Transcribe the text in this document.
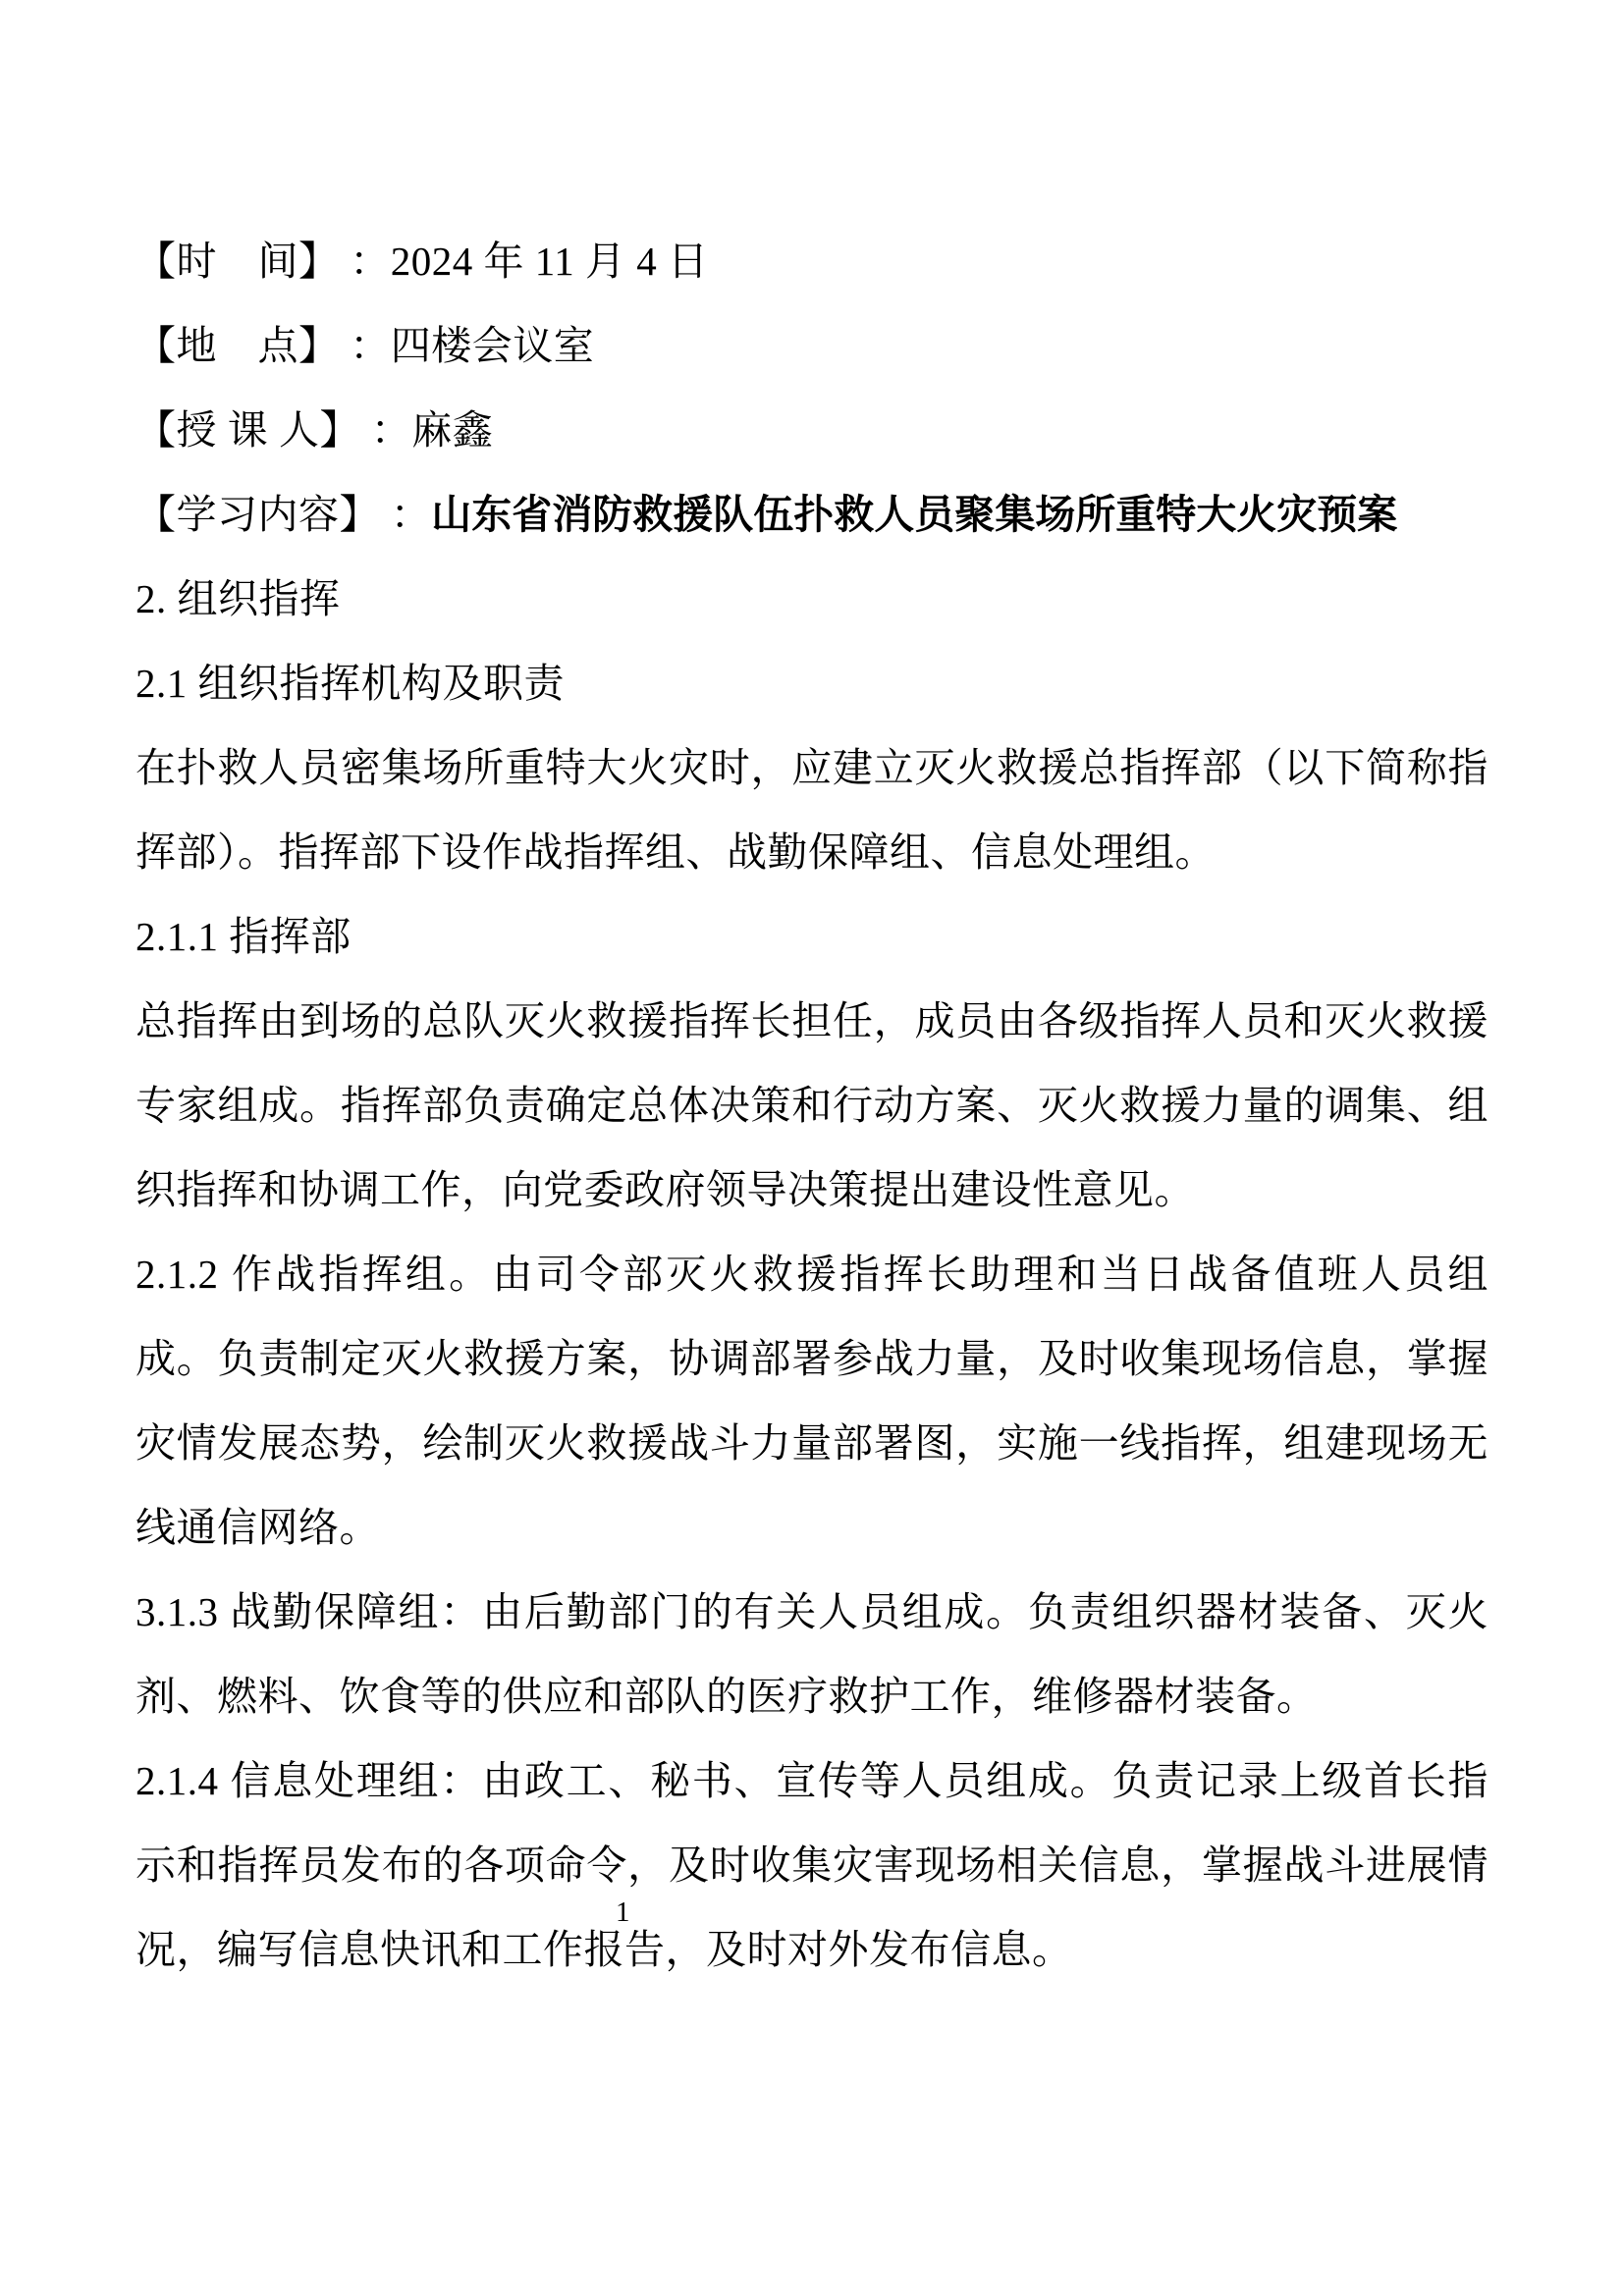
【时　间】 ：2024 年 11 月 4 日

【地　点】 ：四楼会议室

【授 课 人】 ：麻鑫

【学习内容】 ：山东省消防救援队伍扑救人员聚集场所重特大火灾预案

2. 组织指挥

2.1 组织指挥机构及职责

在扑救人员密集场所重特大火灾时，应建立灭火救援总指挥部（以下简称指挥部）。指挥部下设作战指挥组、战勤保障组、信息处理组。

2.1.1 指挥部

总指挥由到场的总队灭火救援指挥长担任，成员由各级指挥人员和灭火救援专家组成。指挥部负责确定总体决策和行动方案、灭火救援力量的调集、组织指挥和协调工作，向党委政府领导决策提出建设性意见。

2.1.2 作战指挥组。由司令部灭火救援指挥长助理和当日战备值班人员组成。负责制定灭火救援方案，协调部署参战力量，及时收集现场信息，掌握灾情发展态势，绘制灭火救援战斗力量部署图，实施一线指挥，组建现场无线通信网络。

3.1.3 战勤保障组：由后勤部门的有关人员组成。负责组织器材装备、灭火剂、燃料、饮食等的供应和部队的医疗救护工作，维修器材装备。

2.1.4 信息处理组：由政工、秘书、宣传等人员组成。负责记录上级首长指示和指挥员发布的各项命令，及时收集灾害现场相关信息，掌握战斗进展情况，编写信息快讯和工作报告，及时对外发布信息。

1
